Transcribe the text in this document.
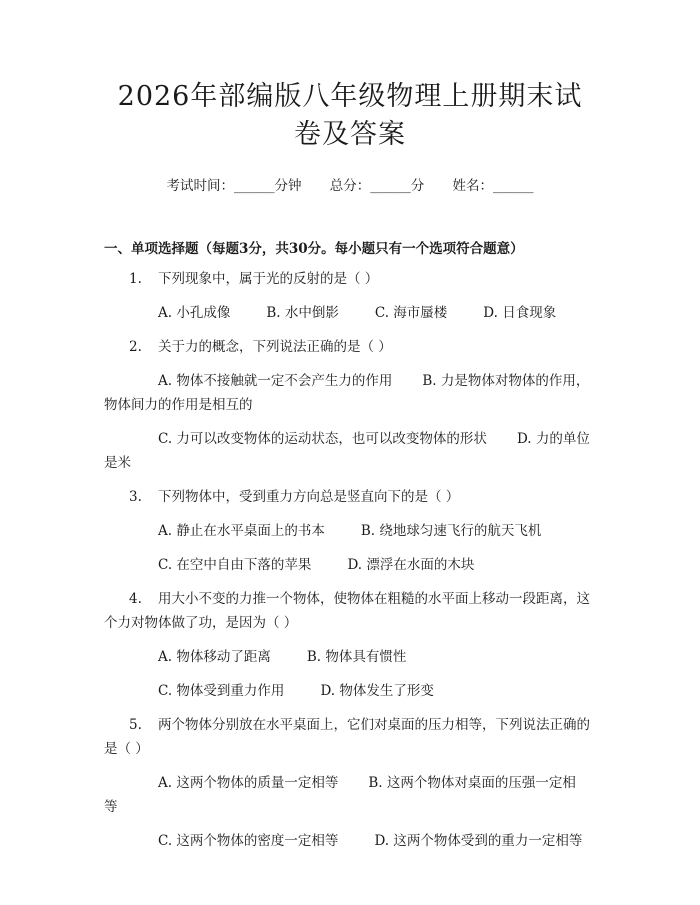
2026年部编版八年级物理上册期末试卷及答案
考试时间：______分钟 总分：______分 姓名：______
一、单项选择题（每题3分，共30分。每小题只有一个选项符合题意）
1. 下列现象中，属于光的反射的是（ ）
A. 小孔成像	B. 水中倒影	C. 海市蜃楼	D. 日食现象
2. 关于力的概念，下列说法正确的是（ ）
A. 物体不接触就一定不会产生力的作用 B. 力是物体对物体的作用，物体间力的作用是相互的
C. 力可以改变物体的运动状态，也可以改变物体的形状 D. 力的单位是米
3. 下列物体中，受到重力方向总是竖直向下的是（ ）
A. 静止在水平桌面上的书本	B. 绕地球匀速飞行的航天飞机
C. 在空中自由下落的苹果	D. 漂浮在水面的木块
4. 用大小不变的力推一个物体，使物体在粗糙的水平面上移动一段距离，这个力对物体做了功，是因为（ ）
A. 物体移动了距离	B. 物体具有惯性
C. 物体受到重力作用	D. 物体发生了形变
5. 两个物体分别放在水平桌面上，它们对桌面的压力相等，下列说法正确的是（ ）
A. 这两个物体的质量一定相等 B. 这两个物体对桌面的压强一定相等
C. 这两个物体的密度一定相等	D. 这两个物体受到的重力一定相等
